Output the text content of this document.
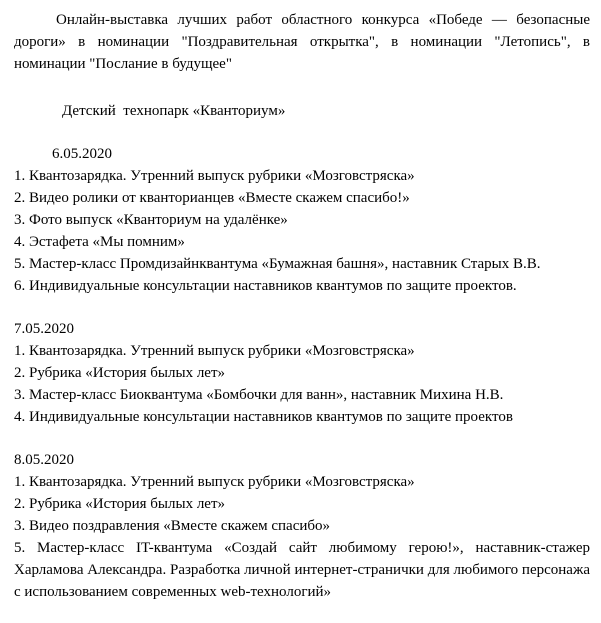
Онлайн-выставка лучших работ областного конкурса «Победе — безопасные дороги» в номинации "Поздравительная открытка", в номинации "Летопись", в номинации "Послание в будущее"

Детский  технопарк «Кванториум»

6.05.2020
1. Квантозарядка. Утренний выпуск рубрики «Мозговстряска»
2. Видео ролики от кванторианцев «Вместе скажем спасибо!»
3. Фото выпуск «Кванториум на удалёнке»
4. Эстафета «Мы помним»
5. Мастер-класс Промдизайнквантума «Бумажная башня», наставник Старых В.В.
6. Индивидуальные консультации наставников квантумов по защите проектов.
7.05.2020
1. Квантозарядка. Утренний выпуск рубрики «Мозговстряска»
2. Рубрика «История былых лет»
3. Мастер-класс Биоквантума «Бомбочки для ванн», наставник Михина Н.В.
4. Индивидуальные консультации наставников квантумов по защите проектов
8.05.2020
1. Квантозарядка. Утренний выпуск рубрики «Мозговстряска»
2. Рубрика «История былых лет»
3. Видео поздравления «Вместе скажем спасибо»
5. Мастер-класс IT-квантума «Создай сайт любимому герою!», наставник-стажер Харламова Александра. Разработка личной интернет-странички для любимого персонажа с использованием современных web-технологий»
